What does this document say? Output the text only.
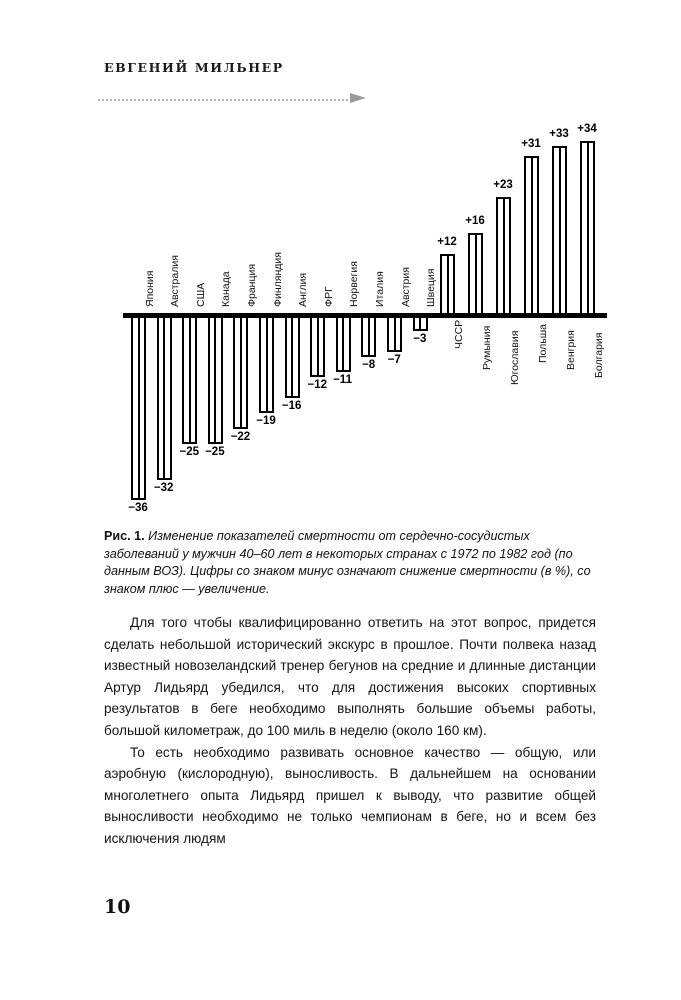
ЕВГЕНИЙ МИЛЬНЕР
−36
Япония
−32
Австралия
−25
США
−25
Канада
−22
Франция
−19
Финляндия
−16
Англия
−12
ФРГ
−11
Норвегия
−8
Италия
−7
Австрия
−3
Швеция
+12
ЧССР
+16
Румыния
+23
Югославия
+31
Польша
+33
Венгрия
+34
Болгария
Рис. 1. Изменение показателей смертности от сердечно-сосудистых заболеваний у мужчин 40–60 лет в некоторых странах с 1972 по 1982 год (по данным ВОЗ). Цифры со знаком минус означают снижение смертности (в %), со знаком плюс — увеличение.

Для того чтобы квалифицированно ответить на этот вопрос, придется сделать небольшой исторический экскурс в прошлое. Почти полвека назад известный новозеландский тренер бегунов на средние и длинные дистанции Артур Лидьярд убедился, что для достижения высоких спортивных результатов в беге необходимо выполнять большие объемы работы, большой километраж, до 100 миль в неделю (около 160 км).

То есть необходимо развивать основное качество — общую, или аэробную (кислородную), выносливость. В дальнейшем на основании многолетнего опыта Лидьярд пришел к выводу, что развитие общей выносливости необходимо не только чемпионам в беге, но и всем без исключения людям

10
